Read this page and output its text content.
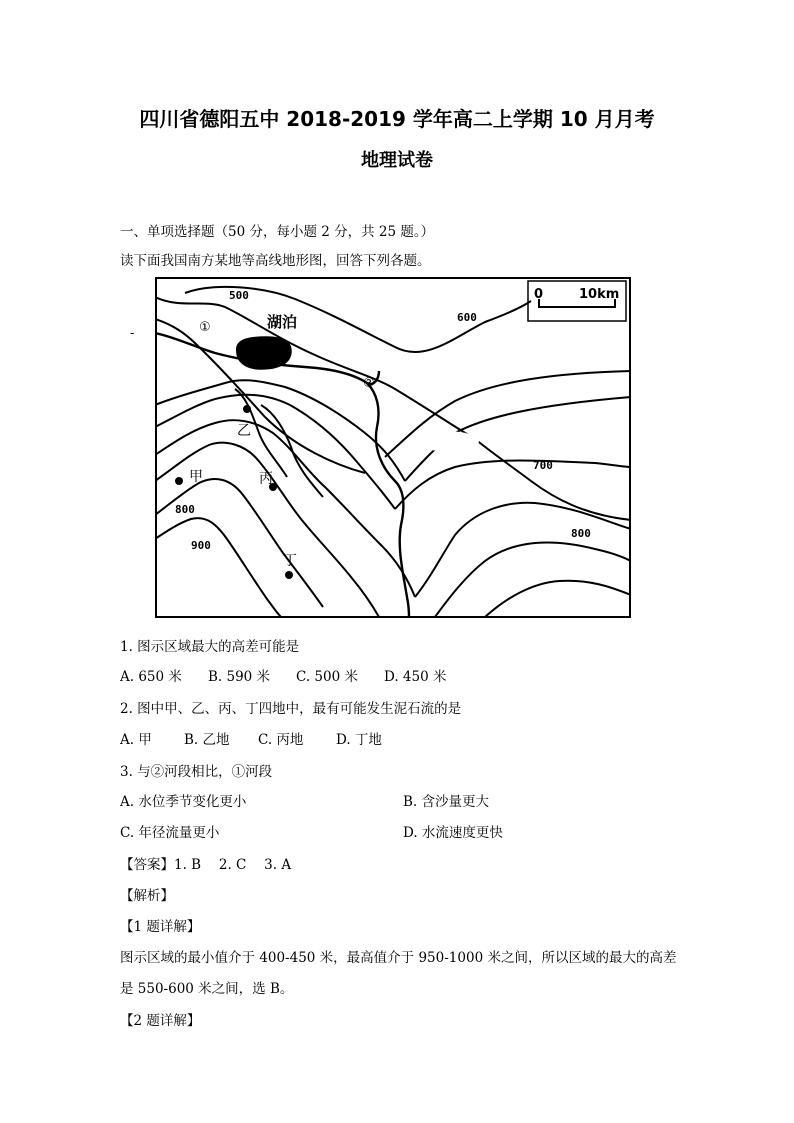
四川省德阳五中 2018-2019 学年高二上学期 10 月月考
地理试卷
一、单项选择题（50 分，每小题 2 分，共 25 题。）
读下面我国南方某地等高线地形图，回答下列各题。
-
0	10km
湖泊
500
600
700
800
900
800
①
②
甲
乙
丙
丁
1. 图示区域最大的高差可能是
A. 650 米 B. 590 米 C. 500 米 D. 450 米
2. 图中甲、乙、丙、丁四地中，最有可能发生泥石流的是
A. 甲 B. 乙地 C. 丙地 D. 丁地
3. 与②河段相比，①河段
A. 水位季节变化更小	B. 含沙量更大
C. 年径流量更小	D. 水流速度更快
【答案】1. B　 2. C　 3. A
【解析】
【1 题详解】
图示区域的最小值介于 400-450 米，最高值介于 950-1000 米之间，所以区域的最大的高差
是 550-600 米之间，选 B。
【2 题详解】
